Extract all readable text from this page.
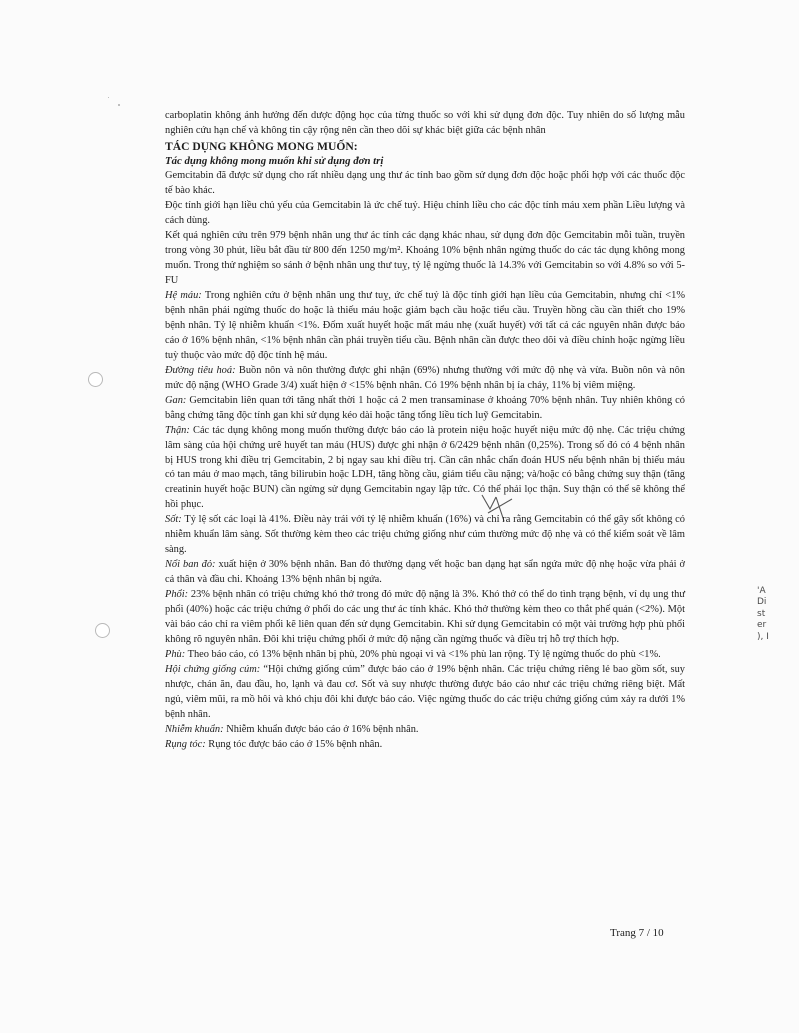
carboplatin không ảnh hưởng đến dược động học của từng thuốc so với khi sử dụng đơn độc. Tuy nhiên do số lượng mẫu nghiên cứu hạn chế và không tin cậy rộng nên cần theo dõi sự khác biệt giữa các bệnh nhân

TÁC DỤNG KHÔNG MONG MUỐN:

Tác dụng không mong muốn khi sử dụng đơn trị

Gemcitabin đã được sử dụng cho rất nhiều dạng ung thư ác tính bao gồm sử dụng đơn độc hoặc phối hợp với các thuốc độc tế bào khác.

Độc tính giới hạn liều chủ yếu của Gemcitabin là ức chế tuỷ. Hiệu chỉnh liều cho các độc tính máu xem phần Liều lượng và cách dùng.

Kết quả nghiên cứu trên 979 bệnh nhân ung thư ác tính các dạng khác nhau, sử dụng đơn độc Gemcitabin mỗi tuần, truyền trong vòng 30 phút, liều bắt đầu từ 800 đến 1250 mg/m². Khoảng 10% bệnh nhân ngừng thuốc do các tác dụng không mong muốn. Trong thử nghiệm so sánh ở bệnh nhân ung thư tuỵ, tỷ lệ ngừng thuốc là 14.3% với Gemcitabin so với 4.8% so với 5-FU

Hệ máu: Trong nghiên cứu ở bệnh nhân ung thư tuỵ, ức chế tuỷ là độc tính giới hạn liều của Gemcitabin, nhưng chỉ <1% bệnh nhân phải ngừng thuốc do hoặc là thiếu máu hoặc giảm bạch cầu hoặc tiểu cầu. Truyền hồng cầu cần thiết cho 19% bệnh nhân. Tỷ lệ nhiễm khuẩn <1%. Đốm xuất huyết hoặc mất máu nhẹ (xuất huyết) với tất cả các nguyên nhân được báo cáo ở 16% bệnh nhân, <1% bệnh nhân cần phải truyền tiểu cầu. Bệnh nhân cần được theo dõi và điều chỉnh hoặc ngừng liều tuỳ thuộc vào mức độ độc tính hệ máu.

Đường tiêu hoá: Buồn nôn và nôn thường được ghi nhận (69%) nhưng thường với mức độ nhẹ và vừa. Buồn nôn và nôn mức độ nặng (WHO Grade 3/4) xuất hiện ở <15% bệnh nhân. Có 19% bệnh nhân bị ỉa chảy, 11% bị viêm miệng.

Gan: Gemcitabin liên quan tới tăng nhất thời 1 hoặc cả 2 men transaminase ở khoảng 70% bệnh nhân. Tuy nhiên không có bằng chứng tăng độc tính gan khi sử dụng kéo dài hoặc tăng tổng liều tích luỹ Gemcitabin.

Thận: Các tác dụng không mong muốn thường được báo cáo là protein niệu hoặc huyết niệu mức độ nhẹ. Các triệu chứng lâm sàng của hội chứng urê huyết tan máu (HUS) được ghi nhận ở 6/2429 bệnh nhân (0,25%). Trong số đó có 4 bệnh nhân bị HUS trong khi điều trị Gemcitabin, 2 bị ngay sau khi điều trị. Cần cân nhắc chẩn đoán HUS nếu bệnh nhân bị thiếu máu có tan máu ở mao mạch, tăng bilirubin hoặc LDH, tăng hồng cầu, giảm tiểu cầu nặng; và/hoặc có bằng chứng suy thận (tăng creatinin huyết hoặc BUN) cần ngừng sử dụng Gemcitabin ngay lập tức. Có thể phải lọc thận. Suy thận có thể sẽ không thể hồi phục.

Sốt: Tỷ lệ sốt các loại là 41%. Điều này trái với tỷ lệ nhiễm khuẩn (16%) và chỉ ra rằng Gemcitabin có thể gây sốt không có nhiễm khuẩn lâm sàng. Sốt thường kèm theo các triệu chứng giống như cúm thường mức độ nhẹ và có thể kiểm soát về lâm sàng.

Nổi ban đỏ: xuất hiện ở 30% bệnh nhân. Ban đỏ thường dạng vết hoặc ban dạng hạt sẩn ngứa mức độ nhẹ hoặc vừa phải ở cả thân và đầu chi. Khoảng 13% bệnh nhân bị ngứa.

Phổi: 23% bệnh nhân có triệu chứng khó thở trong đó mức độ nặng là 3%. Khó thở có thể do tình trạng bệnh, ví dụ ung thư phổi (40%) hoặc các triệu chứng ở phổi do các ung thư ác tính khác. Khó thở thường kèm theo co thắt phế quản (<2%). Một vài báo cáo chỉ ra viêm phổi kẽ liên quan đến sử dụng Gemcitabin. Khi sử dụng Gemcitabin có một vài trường hợp phù phổi không rõ nguyên nhân. Đôi khi triệu chứng phổi ở mức độ nặng cần ngừng thuốc và điều trị hỗ trợ thích hợp.

Phù: Theo báo cáo, có 13% bệnh nhân bị phù, 20% phù ngoại vi và <1% phù lan rộng. Tỷ lệ ngừng thuốc do phù <1%.

Hội chứng giống cúm: “Hội chứng giống cúm” được báo cáo ở 19% bệnh nhân. Các triệu chứng riêng lẻ bao gồm sốt, suy nhược, chán ăn, đau đầu, ho, lạnh và đau cơ. Sốt và suy nhược thường được báo cáo như các triệu chứng riêng biệt. Mất ngủ, viêm mũi, ra mồ hôi và khó chịu đôi khi được báo cáo. Việc ngừng thuốc do các triệu chứng giống cúm xảy ra dưới 1% bệnh nhân.

Nhiễm khuẩn: Nhiễm khuẩn được báo cáo ở 16% bệnh nhân.

Rụng tóc: Rụng tóc được báo cáo ở 15% bệnh nhân.

'A
Di
st
er
), I
Trang 7 / 10
